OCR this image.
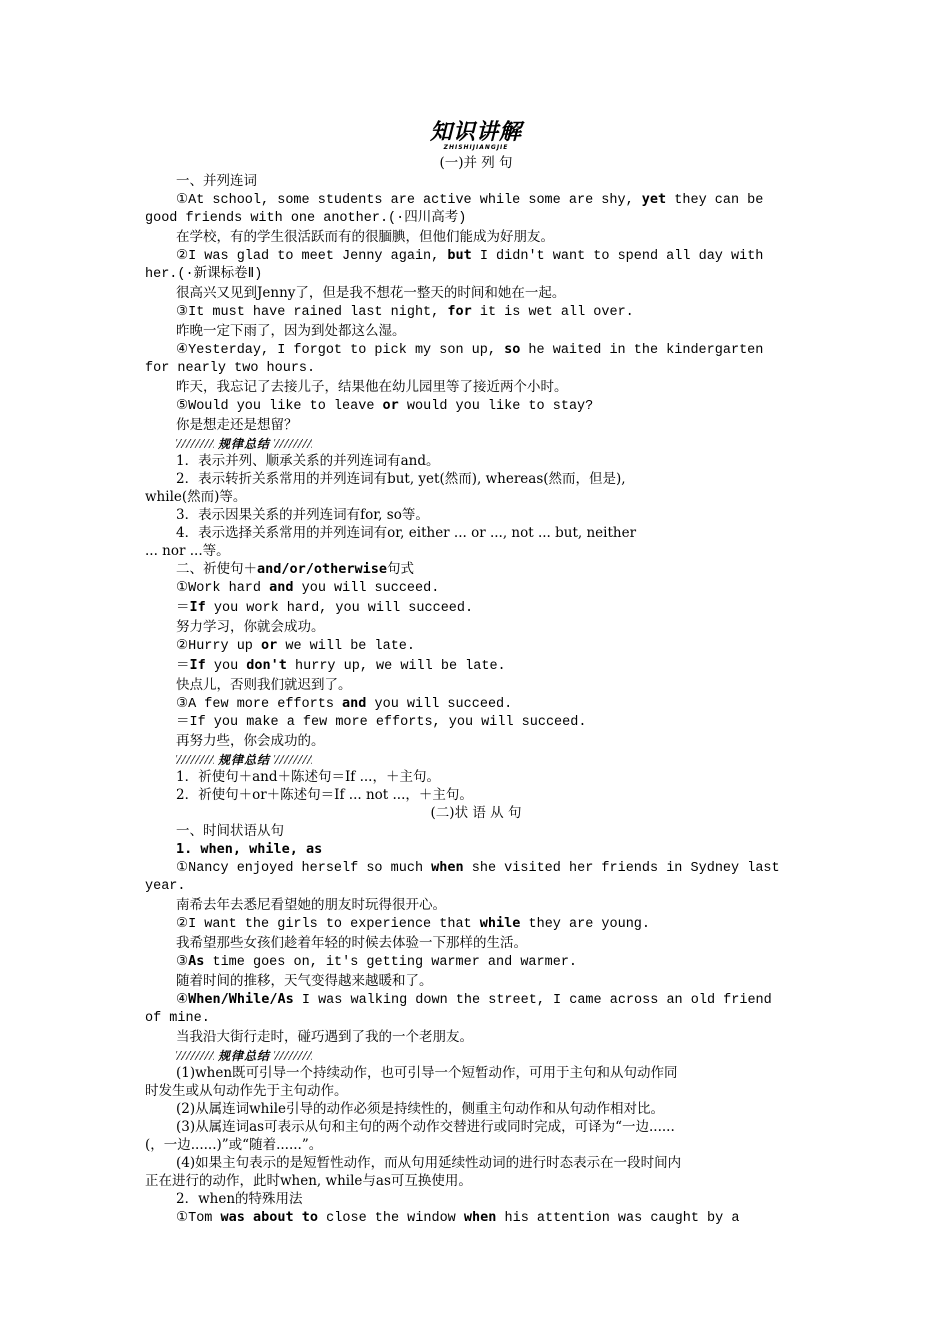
知识讲解
ZHISHIJIANGJIE
(一)并 列 句
一、并列连词
①At school, some students are active while some are shy, yet they can be
good friends with one another.(·四川高考)
在学校，有的学生很活跃而有的很腼腆，但他们能成为好朋友。
②I was glad to meet Jenny again, but I didn't want to spend all day with
her.(·新课标卷Ⅱ)
很高兴又见到Jenny了，但是我不想花一整天的时间和她在一起。
③It must have rained last night, for it is wet all over.
昨晚一定下雨了，因为到处都这么湿。
④Yesterday, I forgot to pick my son up, so he waited in the kindergarten
for nearly two hours.
昨天，我忘记了去接儿子，结果他在幼儿园里等了接近两个小时。
⑤Would you like to leave or would you like to stay?
你是想走还是想留？
规律总结
1．表示并列、顺承关系的并列连词有and。
2．表示转折关系常用的并列连词有but, yet(然而), whereas(然而，但是),
while(然而)等。
3．表示因果关系的并列连词有for, so等。
4．表示选择关系常用的并列连词有or, either ... or ..., not ... but, neither
... nor ...等。
二、祈使句＋and/or/otherwise句式
①Work hard and you will succeed.
＝If you work hard, you will succeed.
努力学习，你就会成功。
②Hurry up or we will be late.
＝If you don't hurry up, we will be late.
快点儿，否则我们就迟到了。
③A few more efforts and you will succeed.
＝If you make a few more efforts, you will succeed.
再努力些，你会成功的。
规律总结
1．祈使句＋and＋陈述句＝If ...，＋主句。
2．祈使句＋or＋陈述句＝If ... not ...，＋主句。
(二)状 语 从 句
一、时间状语从句
1. when, while, as
①Nancy enjoyed herself so much when she visited her friends in Sydney last
year.
南希去年去悉尼看望她的朋友时玩得很开心。
②I want the girls to experience that while they are young.
我希望那些女孩们趁着年轻的时候去体验一下那样的生活。
③As time goes on, it's getting warmer and warmer.
随着时间的推移，天气变得越来越暖和了。
④When/While/As I was walking down the street, I came across an old friend
of mine.
当我沿大街行走时，碰巧遇到了我的一个老朋友。
规律总结
(1)when既可引导一个持续动作，也可引导一个短暂动作，可用于主句和从句动作同
时发生或从句动作先于主句动作。
(2)从属连词while引导的动作必须是持续性的，侧重主句动作和从句动作相对比。
(3)从属连词as可表示从句和主句的两个动作交替进行或同时完成，可译为“一边......
(，一边......)”或“随着......”。
(4)如果主句表示的是短暂性动作，而从句用延续性动词的进行时态表示在一段时间内
正在进行的动作，此时when, while与as可互换使用。
2．when的特殊用法
①Tom was about to close the window when his attention was caught by a
